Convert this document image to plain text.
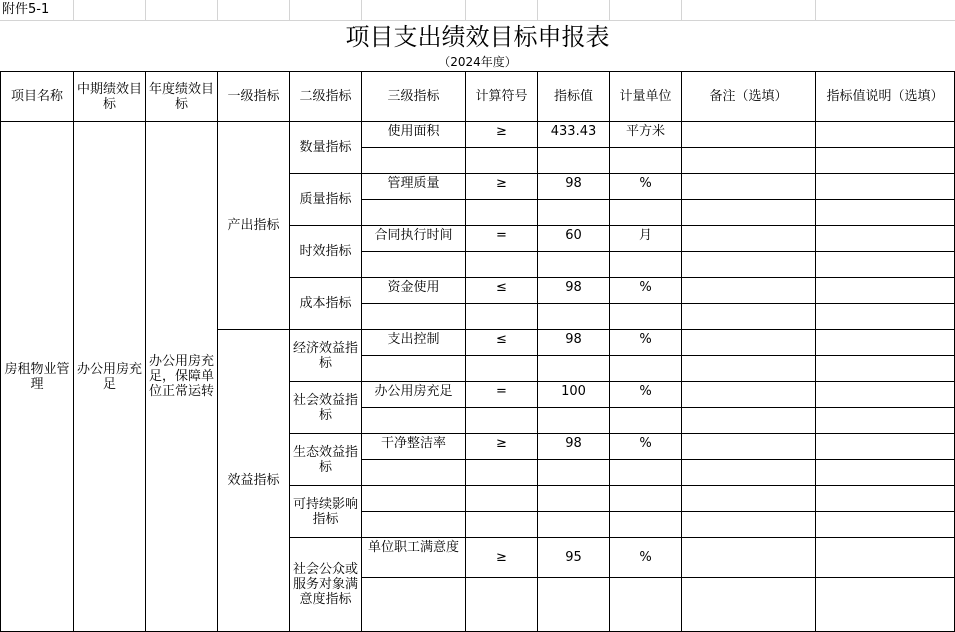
附件5-1
项目支出绩效目标申报表
（2024年度）
项目名称	中期绩效目标	年度绩效目标	一级指标	二级指标	三级指标	计算符号	指标值	计量单位	备注（选填）	指标值说明（选填）
房租物业管理	办公用房充足	办公用房充足，保障单位正常运转	产出指标	数量指标	使用面积	≥	433.43	平方米		

				质量指标	管理质量	≥	98	%		

				时效指标	合同执行时间	=	60	月		

				成本指标	资金使用	≤	98	%		

			效益指标	经济效益指标	支出控制	≤	98	%		

				社会效益指标	办公用房充足	=	100	%		

				生态效益指标	干净整洁率	≥	98	%		

				可持续影响指标						

				社会公众或服务对象满意度指标	单位职工满意度	≥	95	%		
